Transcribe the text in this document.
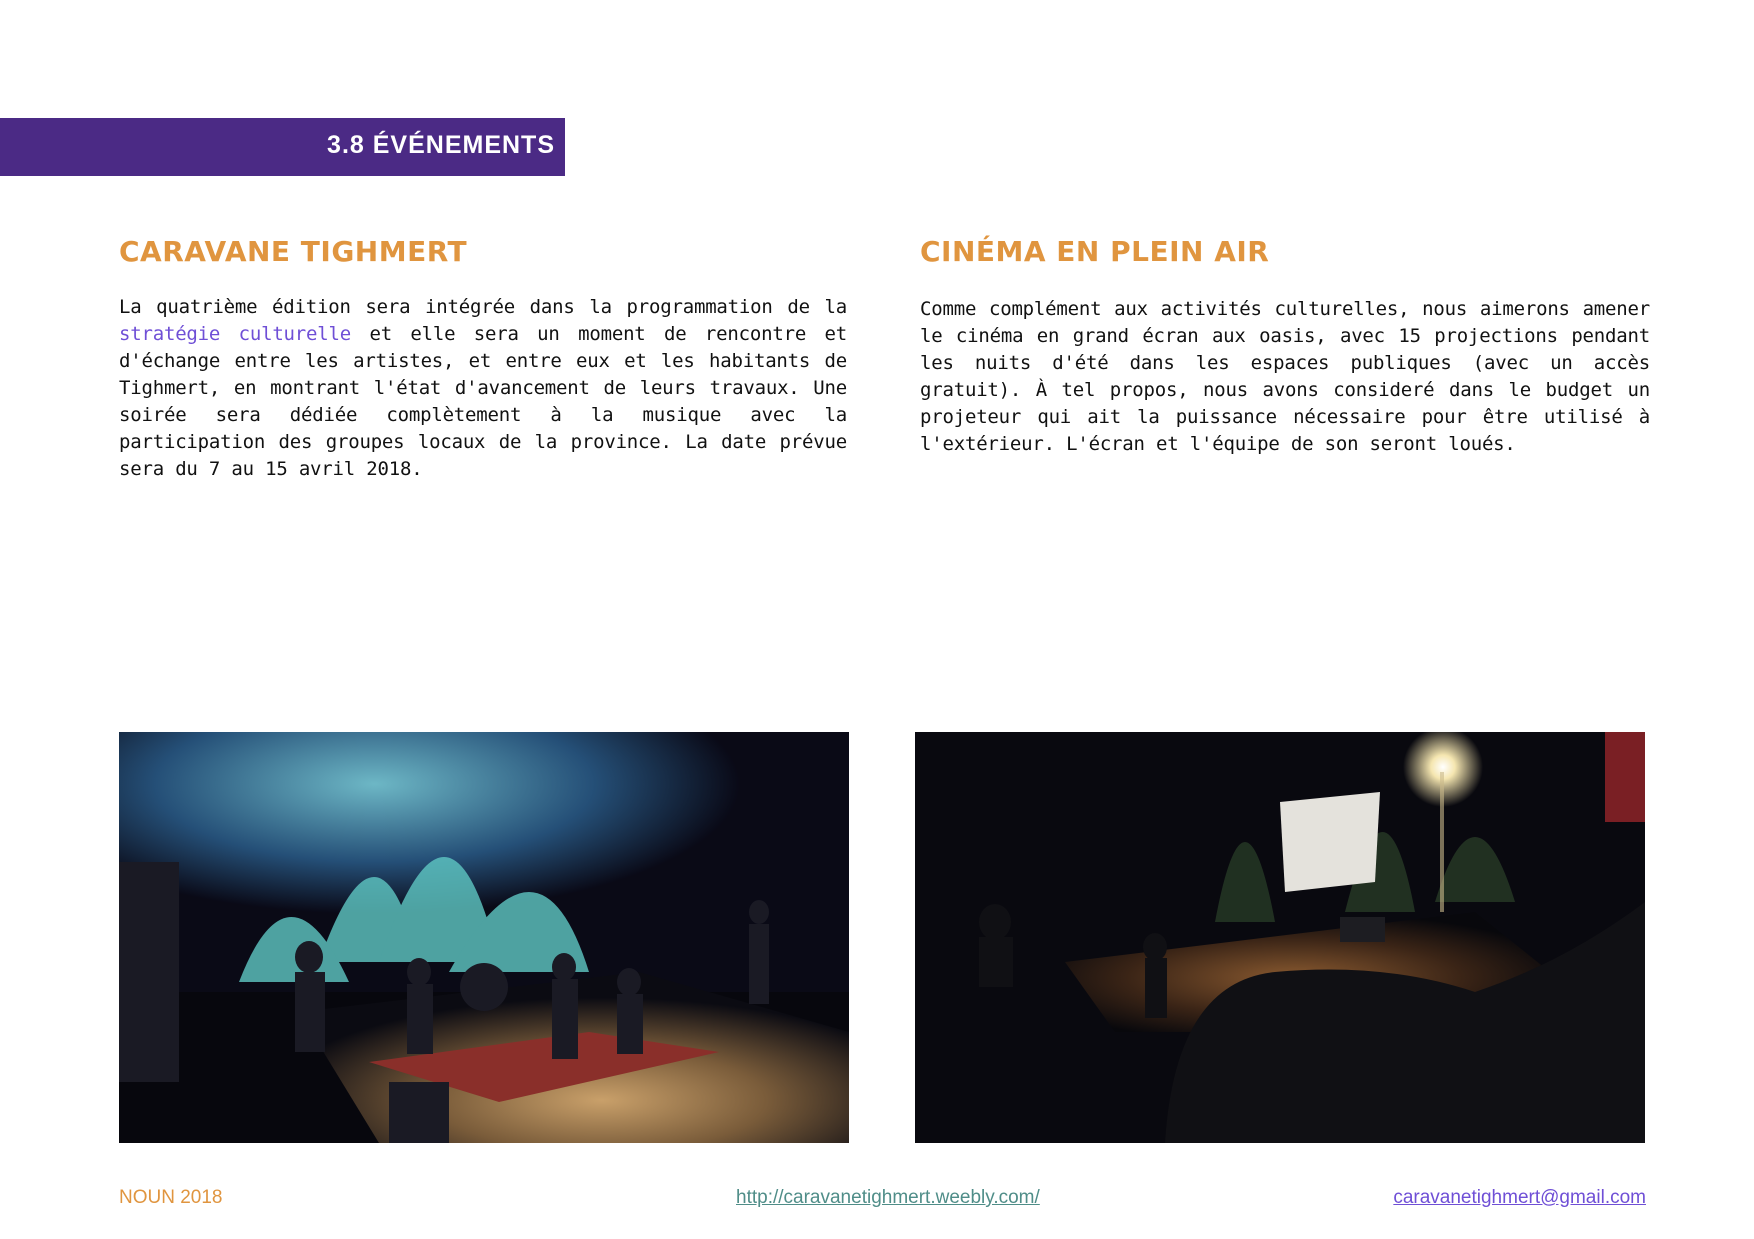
3.8 ÉVÉNEMENTS
CARAVANE TIGHMERT

La quatrième édition sera intégrée dans la programmation de la stratégie culturelle et elle sera un moment de rencontre et d'échange entre les artistes, et entre eux et les habitants de Tighmert, en montrant l'état d'avancement de leurs travaux. Une soirée sera dédiée complètement à la musique avec la participation des groupes locaux de la province. La date prévue sera du 7 au 15 avril 2018.

CINÉMA EN PLEIN AIR

Comme complément aux activités culturelles, nous aimerons amener le cinéma en grand écran aux oasis, avec 15 projections pendant les nuits d'été dans les espaces publiques (avec un accès gratuit). À tel propos, nous avons consideré dans le budget un projeteur qui ait la puissance nécessaire pour être utilisé à l'extérieur. L'écran et l'équipe de son seront loués.

NOUN 2018	http://caravanetighmert.weebly.com/	caravanetighmert@gmail.com
